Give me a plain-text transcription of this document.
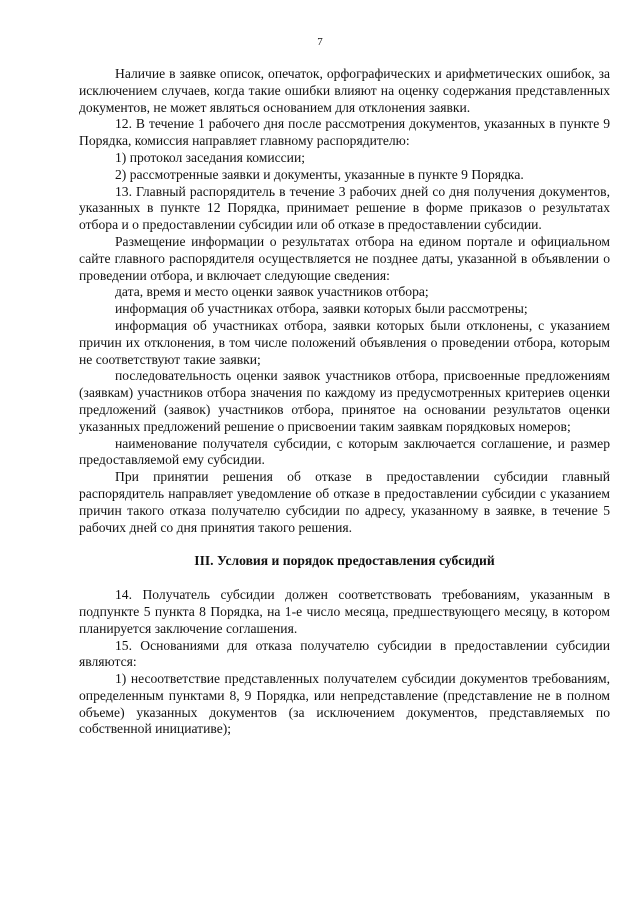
7

Наличие в заявке описок, опечаток, орфографических и арифметических ошибок, за исключением случаев, когда такие ошибки влияют на оценку содержания представленных документов, не может являться основанием для отклонения заявки.

12. В течение 1 рабочего дня после рассмотрения документов, указанных в пункте 9 Порядка, комиссия направляет главному распорядителю:

1) протокол заседания комиссии;

2) рассмотренные заявки и документы, указанные в пункте 9 Порядка.

13. Главный распорядитель в течение 3 рабочих дней со дня получения документов, указанных в пункте 12 Порядка, принимает решение в форме приказов о результатах отбора и о предоставлении субсидии или об отказе в предоставлении субсидии.

Размещение информации о результатах отбора на едином портале и официальном сайте главного распорядителя осуществляется не позднее даты, указанной в объявлении о проведении отбора, и включает следующие сведения:

дата, время и место оценки заявок участников отбора;

информация об участниках отбора, заявки которых были рассмотрены;

информация об участниках отбора, заявки которых были отклонены, с указанием причин их отклонения, в том числе положений объявления о проведении отбора, которым не соответствуют такие заявки;

последовательность оценки заявок участников отбора, присвоенные предложениям (заявкам) участников отбора значения по каждому из предусмотренных критериев оценки предложений (заявок) участников отбора, принятое на основании результатов оценки указанных предложений решение о присвоении таким заявкам порядковых номеров;

наименование получателя субсидии, с которым заключается соглашение, и размер предоставляемой ему субсидии.

При принятии решения об отказе в предоставлении субсидии главный распорядитель направляет уведомление об отказе в предоставлении субсидии с указанием причин такого отказа получателю субсидии по адресу, указанному в заявке, в течение 5 рабочих дней со дня принятия такого решения.

III. Условия и порядок предоставления субсидий

14. Получатель субсидии должен соответствовать требованиям, указанным в подпункте 5 пункта 8 Порядка, на 1-е число месяца, предшествующего месяцу, в котором планируется заключение соглашения.

15. Основаниями для отказа получателю субсидии в предоставлении субсидии являются:

1) несоответствие представленных получателем субсидии документов требованиям, определенным пунктами 8, 9 Порядка, или непредставление (представление не в полном объеме) указанных документов (за исключением документов, представляемых по собственной инициативе);
